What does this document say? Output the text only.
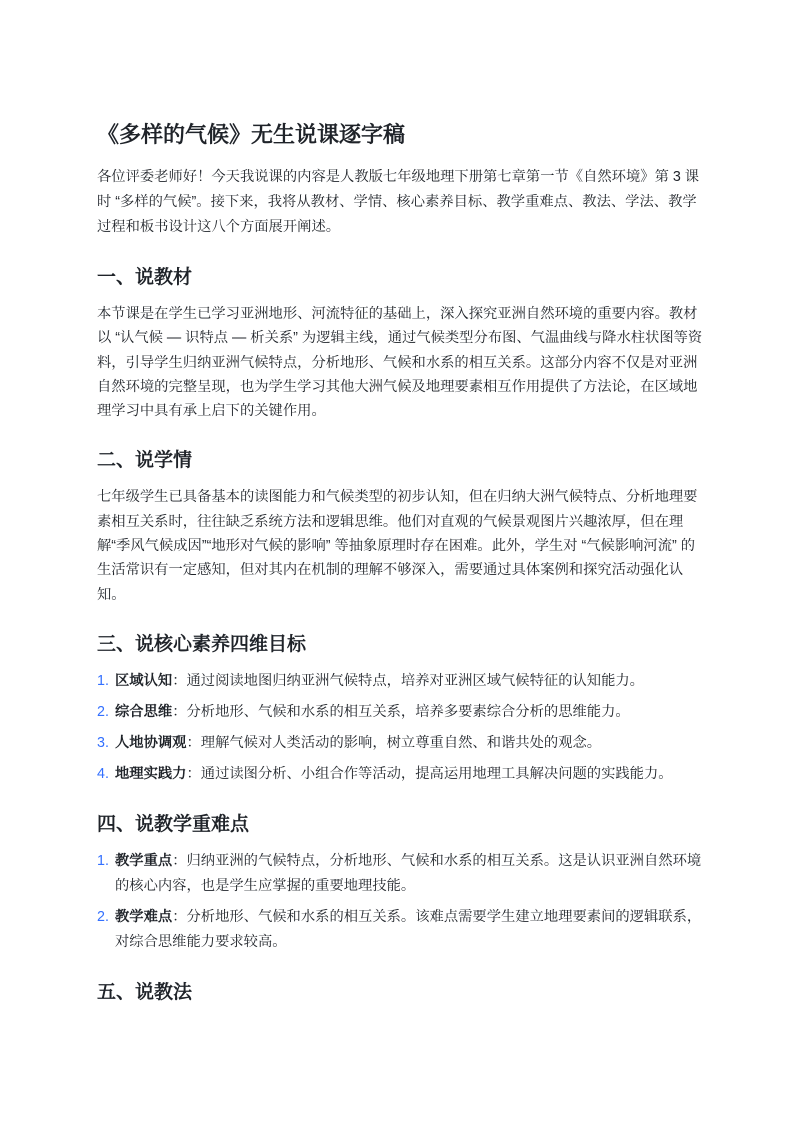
《多样的气候》无生说课逐字稿

各位评委老师好！今天我说课的内容是人教版七年级地理下册第七章第一节《自然环境》第 3 课时 “多样的气候”。接下来，我将从教材、学情、核心素养目标、教学重难点、教法、学法、教学过程和板书设计这八个方面展开阐述。

一、说教材

本节课是在学生已学习亚洲地形、河流特征的基础上，深入探究亚洲自然环境的重要内容。教材以 “认气候 — 识特点 — 析关系” 为逻辑主线，通过气候类型分布图、气温曲线与降水柱状图等资料，引导学生归纳亚洲气候特点，分析地形、气候和水系的相互关系。这部分内容不仅是对亚洲自然环境的完整呈现，也为学生学习其他大洲气候及地理要素相互作用提供了方法论，在区域地理学习中具有承上启下的关键作用。

二、说学情

七年级学生已具备基本的读图能力和气候类型的初步认知，但在归纳大洲气候特点、分析地理要素相互关系时，往往缺乏系统方法和逻辑思维。他们对直观的气候景观图片兴趣浓厚，但在理解“季风气候成因”“地形对气候的影响” 等抽象原理时存在困难。此外，学生对 “气候影响河流” 的生活常识有一定感知，但对其内在机制的理解不够深入，需要通过具体案例和探究活动强化认知。

三、说核心素养四维目标
1. 区域认知：通过阅读地图归纳亚洲气候特点，培养对亚洲区域气候特征的认知能力。
2. 综合思维：分析地形、气候和水系的相互关系，培养多要素综合分析的思维能力。
3. 人地协调观：理解气候对人类活动的影响，树立尊重自然、和谐共处的观念。
4. 地理实践力：通过读图分析、小组合作等活动，提高运用地理工具解决问题的实践能力。
四、说教学重难点
1. 教学重点：归纳亚洲的气候特点，分析地形、气候和水系的相互关系。这是认识亚洲自然环境的核心内容，也是学生应掌握的重要地理技能。
2. 教学难点：分析地形、气候和水系的相互关系。该难点需要学生建立地理要素间的逻辑联系，对综合思维能力要求较高。
五、说教法
